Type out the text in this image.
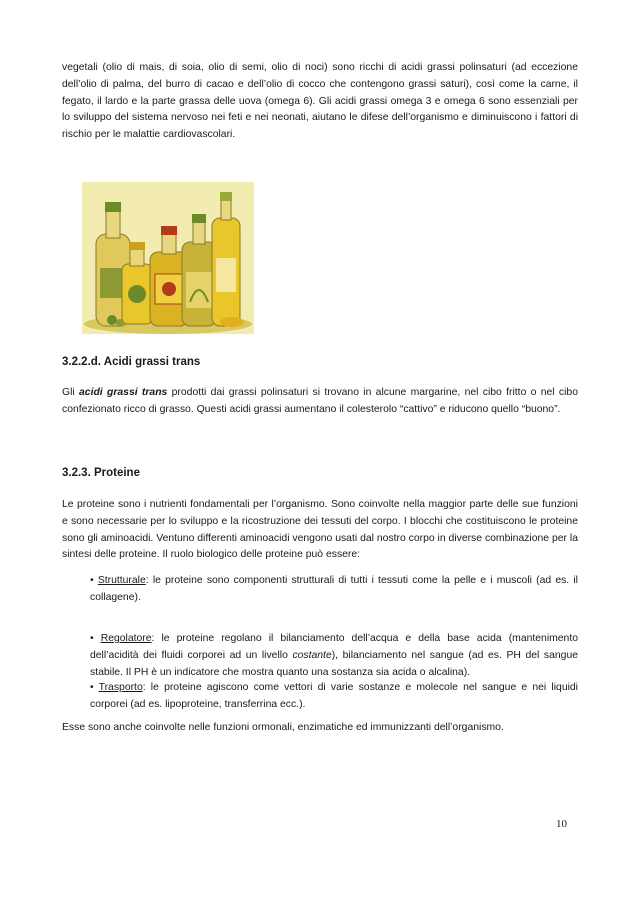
vegetali (olio di mais, di soia, olio di semi, olio di noci) sono ricchi di acidi grassi polinsaturi (ad eccezione dell’olio di palma, del burro di cacao e dell’olio di cocco che contengono grassi saturi), così come la carne, il fegato, il lardo e la parte grassa delle uova (omega 6). Gli acidi grassi omega 3 e omega 6 sono essenziali per lo sviluppo del sistema nervoso nei feti e nei neonati, aiutano le difese dell’organismo e diminuiscono i fattori di rischio per le malattie cardiovascolari.

3.2.2.d. Acidi grassi trans

Gli acidi grassi trans prodotti dai grassi polinsaturi si trovano in alcune margarine, nel cibo fritto o nel cibo confezionato ricco di grasso. Questi acidi grassi aumentano il colesterolo “cattivo” e riducono quello “buono”.

3.2.3. Proteine

Le proteine sono i nutrienti fondamentali per l’organismo. Sono coinvolte nella maggior parte delle sue funzioni e sono necessarie per lo sviluppo e la ricostruzione dei tessuti del corpo. I blocchi che costituiscono le proteine sono gli aminoacidi. Ventuno differenti aminoacidi vengono usati dal nostro corpo in diverse combinazione per la sintesi delle proteine. Il ruolo biologico delle proteine può essere:

• Strutturale: le proteine sono componenti strutturali di tutti i tessuti come la pelle e i muscoli (ad es. il collagene).

• Regolatore: le proteine regolano il bilanciamento dell’acqua e della base acida (mantenimento dell’acidità dei fluidi corporei ad un livello costante), bilanciamento nel sangue (ad es. PH del sangue stabile. Il PH è un indicatore che mostra quanto una sostanza sia acida o alcalina).

• Trasporto: le proteine agiscono come vettori di varie sostanze e molecole nel sangue e nei liquidi corporei (ad es. lipoproteine, transferrina ecc.).

Esse sono anche coinvolte nelle funzioni ormonali, enzimatiche ed immunizzanti dell’organismo.

10
